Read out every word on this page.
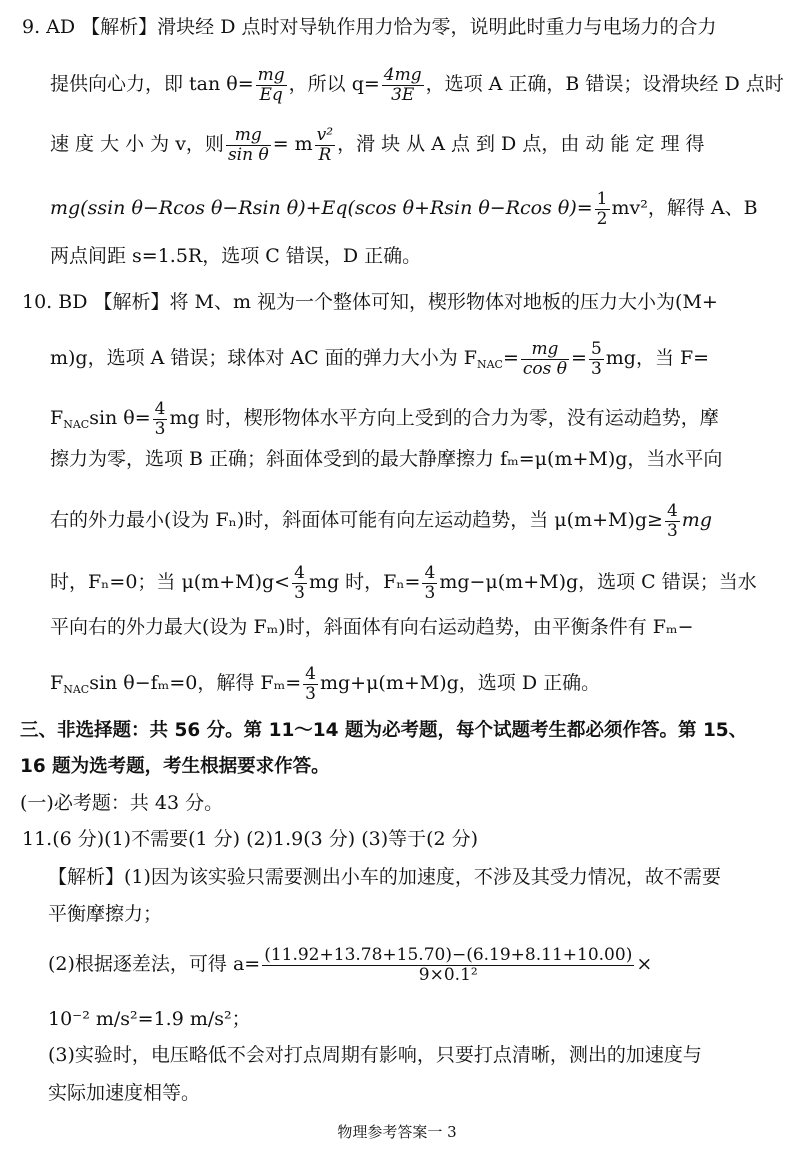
9. AD 【解析】滑块经 D 点时对导轨作用力恰为零，说明此时重力与电场力的合力
提供向心力，即 $\tan \theta= \frac{mg}{Eq}$ ，所以 $q= \frac{4mg}{3E}$ ，选项 A 正确，B 错误；设滑块经 D 点时
速 度 大 小 为 v，则 $\frac{mg}{\text{sin θ}} = m \frac{\text{v²}}{R}$ ，滑 块 从 A 点 到 D 点，由 动 能 定 理 得
mg(ssin θ−Rcos θ−Rsin θ)+Eq(scos θ+Rsin θ−Rcos $\theta)= \frac{1}{2} mv^2$，解得 A、B
两点间距 s=1.5R，选项 C 错误，D 正确。
10. BD 【解析】将 M、m 视为一个整体可知，楔形物体对地板的压力大小为(M+
m)g，选项 A 错误；球体对 AC 面的弹力大小为 $F_{NAC}= \frac{mg}{\text{cos θ}} = \frac{5}{3}$ mg，当 F=
$F_{NAC}\sin$ $\theta= \frac{4}{3}$ mg 时，楔形物体水平方向上受到的合力为零，没有运动趋势，摩
擦力为零，选项 B 正确；斜面体受到的最大静摩擦力 fₘ=μ(m+M)g，当水平向
右的外力最小(设为 Fₙ)时，斜面体可能有向左运动趋势，当 $\mu(m+M)g\ge \frac{4}{3}$ mg
时，Fₙ=0；当 $\mu(m+M)g< \frac{4}{3}$ mg 时，$F_n= \frac{4}{3} mg-\mu(m+M)g$，选项 C 错误；当水
平向右的外力最大(设为 Fₘ)时，斜面体有向右运动趋势，由平衡条件有 Fₘ−
$F_{NAC}\sin$ θ−fₘ=0，解得 $F_m= \frac{4}{3} mg+\mu(m+M)g$，选项 D 正确。
三、非选择题：共 56 分。第 11～14 题为必考题，每个试题考生都必须作答。第 15、
16 题为选考题，考生根据要求作答。
(一)必考题：共 43 分。
11.(6 分)(1)不需要(1 分) (2)1.9(3 分) (3)等于(2 分)
【解析】(1)因为该实验只需要测出小车的加速度，不涉及其受力情况，故不需要
平衡摩擦力；
(2)根据逐差法，可得 $a= \frac{(11.92+13.78+15.70)-(6.19+8.11+10.00)}{\text{9×0.1²}}$ ×
10⁻² m/s²=1.9 m/s²；
(3)实验时，电压略低不会对打点周期有影响，只要打点清晰，测出的加速度与
实际加速度相等。
物理参考答案一 3
